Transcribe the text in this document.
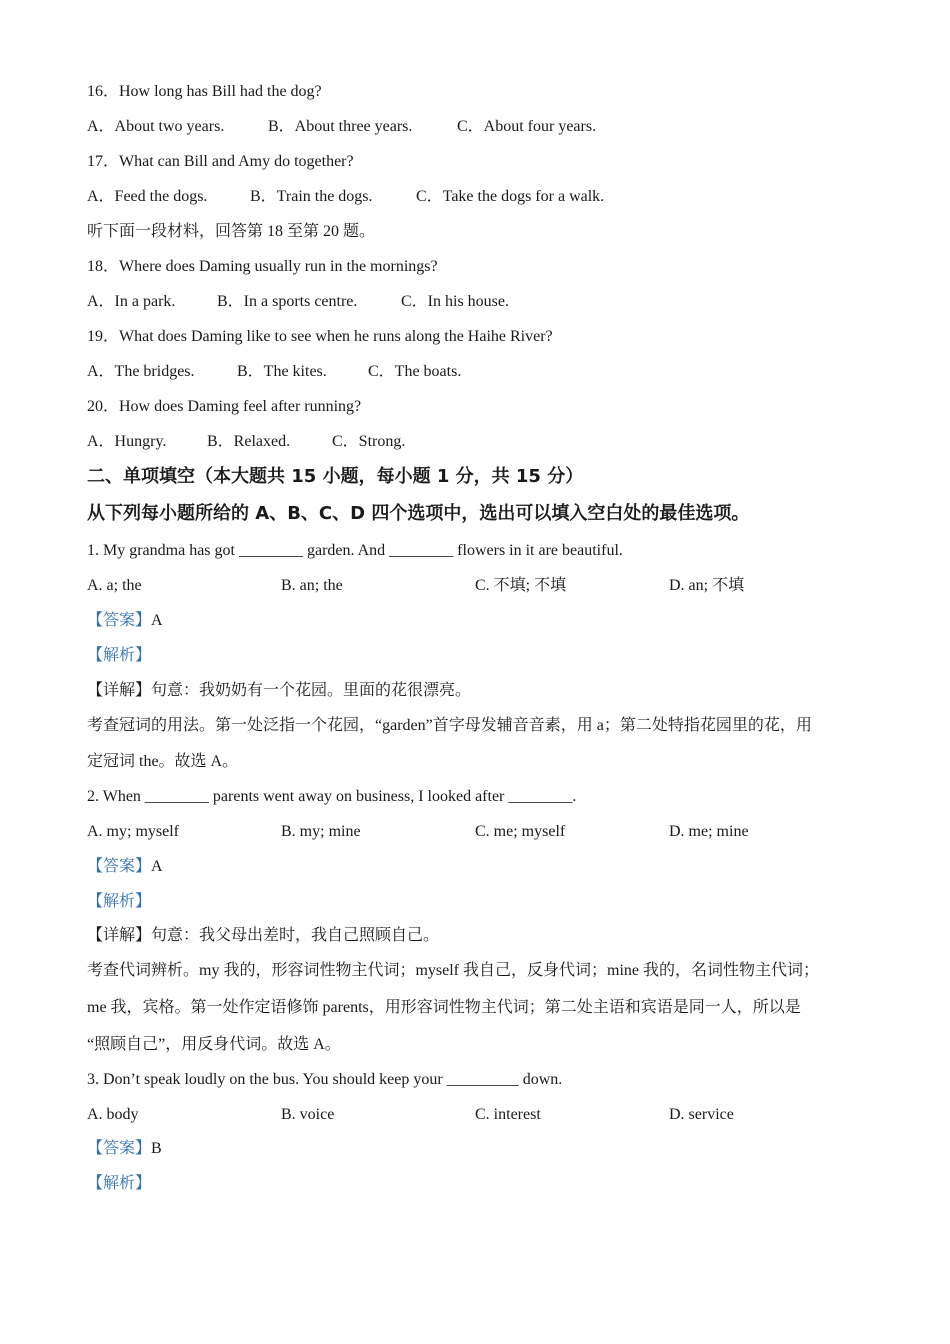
16．How long has Bill had the dog?
A．About two years.	B．About three years.	C．About four years.
17．What can Bill and Amy do together?
A．Feed the dogs.	B．Train the dogs.	C．Take the dogs for a walk.
听下面一段材料，回答第 18 至第 20 题。
18．Where does Daming usually run in the mornings?
A．In a park.	B．In a sports centre.	C．In his house.
19．What does Daming like to see when he runs along the Haihe River?
A．The bridges.	B．The kites.	C．The boats.
20．How does Daming feel after running?
A．Hungry.	B．Relaxed.	C．Strong.
二、单项填空（本大题共 15 小题，每小题 1 分，共 15 分）
从下列每小题所给的 A、B、C、D 四个选项中，选出可以填入空白处的最佳选项。
1. My grandma has got ________ garden. And ________ flowers in it are beautiful.
A. a; the	B. an; the	C. 不填; 不填	D. an; 不填
【答案】A
【解析】
【详解】句意：我奶奶有一个花园。里面的花很漂亮。
考查冠词的用法。第一处泛指一个花园，“garden”首字母发辅音音素，用 a；第二处特指花园里的花，用
定冠词 the。故选 A。
2. When ________ parents went away on business, I looked after ________.
A. my; myself	B. my; mine	C. me; myself	D. me; mine
【答案】A
【解析】
【详解】句意：我父母出差时，我自己照顾自己。
考查代词辨析。my 我的，形容词性物主代词；myself 我自己，反身代词；mine 我的，名词性物主代词；
me 我，宾格。第一处作定语修饰 parents，用形容词性物主代词；第二处主语和宾语是同一人，所以是
“照顾自己”，用反身代词。故选 A。
3. Don’t speak loudly on the bus. You should keep your _________ down.
A. body	B. voice	C. interest	D. service
【答案】B
【解析】
